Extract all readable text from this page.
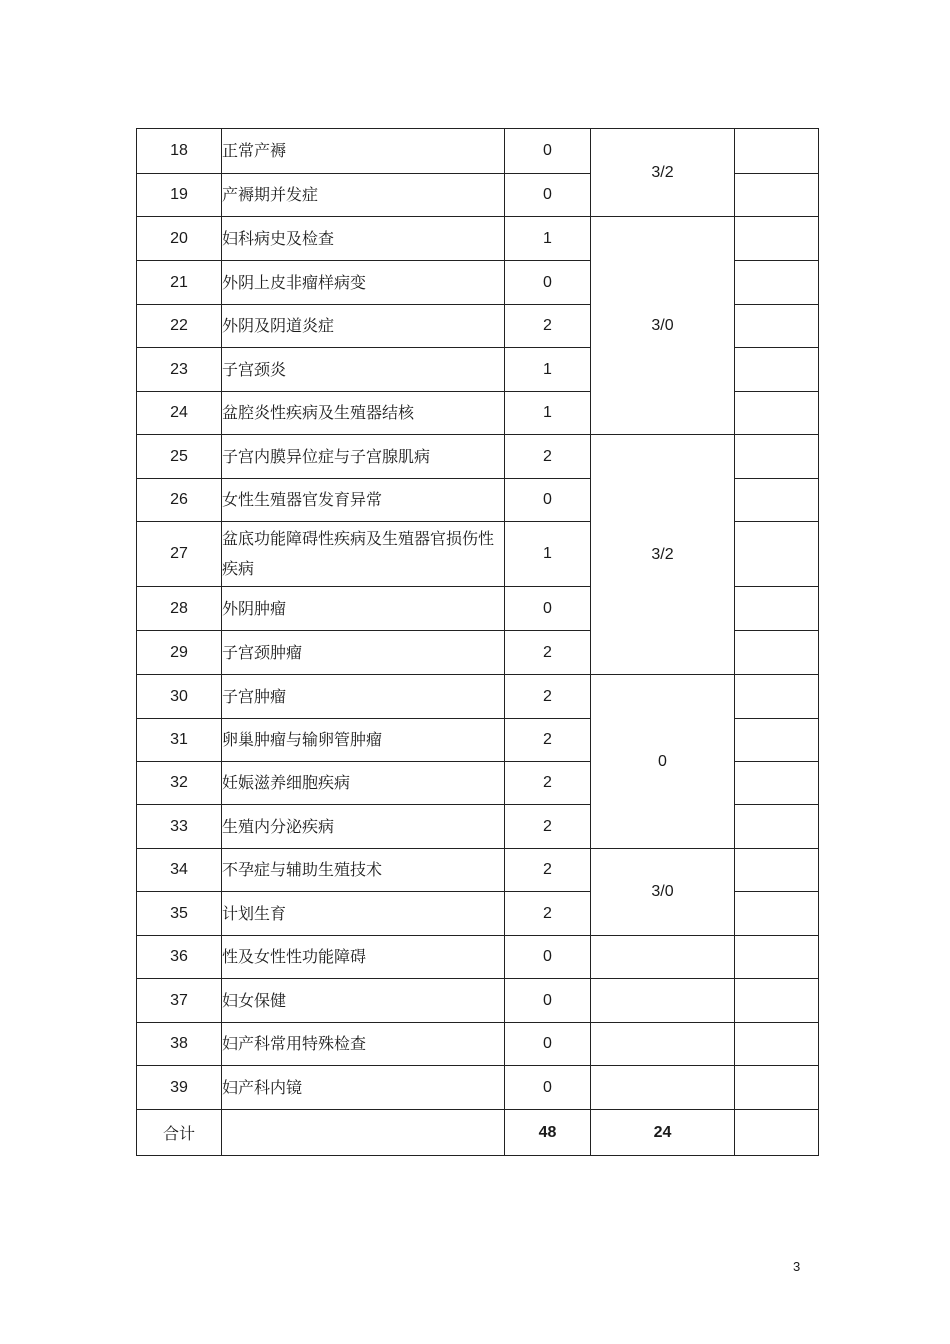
18	正常产褥	0	3/2	
19	产褥期并发症	0		
20	妇科病史及检查	1	3/0	
21	外阴上皮非瘤样病变	0		
22	外阴及阴道炎症	2		
23	子宫颈炎	1		
24	盆腔炎性疾病及生殖器结核	1		
25	子宫内膜异位症与子宫腺肌病	2	3/2	
26	女性生殖器官发育异常	0		
27	盆底功能障碍性疾病及生殖器官损伤性疾病	1		
28	外阴肿瘤	0		
29	子宫颈肿瘤	2		
30	子宫肿瘤	2	0	
31	卵巢肿瘤与输卵管肿瘤	2		
32	妊娠滋养细胞疾病	2		
33	生殖内分泌疾病	2		
34	不孕症与辅助生殖技术	2	3/0	
35	计划生育	2		
36	性及女性性功能障碍	0		
37	妇女保健	0		
38	妇产科常用特殊检查	0		
39	妇产科内镜	0		
合计		48	24	
3
